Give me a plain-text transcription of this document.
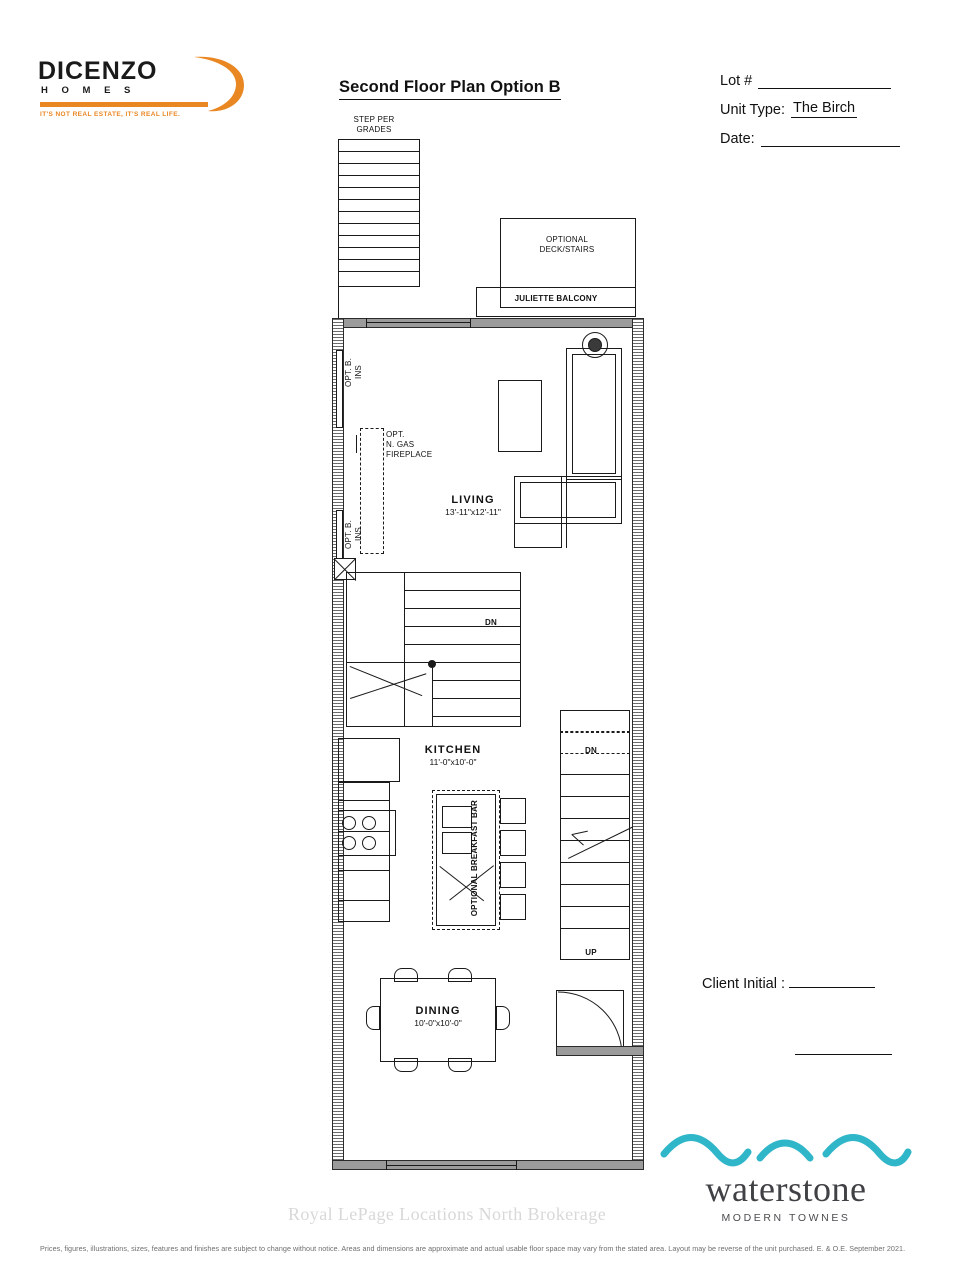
DICENZO
H O M E S
IT'S NOT REAL ESTATE, IT'S REAL LIFE.
Second Floor Plan Option B	Lot #
Unit Type: The Birch
Date:
Client Initial :
STEP PER
GRADES
OPTIONAL
DECK/STAIRS
JULIETTE BALCONY
OPT. B.
INS
OPT. B.
INS
OPT.
N. GAS
FIREPLACE
LIVING
13'-11"x12'-11"
DN
KITCHEN
11'-0"x10'-0"
OPTIONAL BREAKFAST BAR
DN
UP
DINING
10'-0"x10'-0"
waterstone
MODERN TOWNES
Royal LePage Locations North Brokerage
Prices, figures, illustrations, sizes, features and finishes are subject to change without notice. Areas and dimensions are approximate and actual usable floor space may vary from the stated area. Layout may be reverse of the unit purchased. E. & O.E. September 2021.
